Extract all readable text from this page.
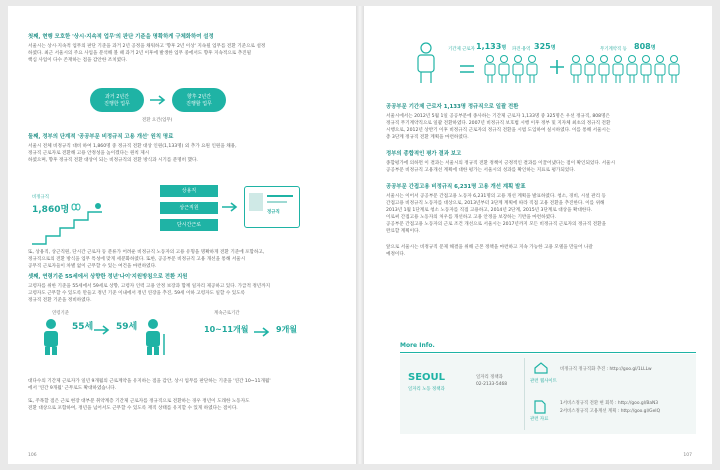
첫째, 현행 모호한 '상시·지속적 업무'의 판단 기준을 명확하게 구체화하여 설정
서울시는 상시·지속적 업무의 판단 기준을 과거 2년 공정을 채워하고 '향후 2년 이상' 지속될 업무를 전환 기준으로 설정
하였다. 최근 서울시의 주요 사업을 분석해 볼 때 과거 2년 이후에 발생한 업무 중에서도 향후 지속적으로 추진될
핵심 사업이 다수 존재하는 점을 감안한 조치였다.
과거 2년간
진행한 업무
향후 2년간
진행할 업무
전환 요건(업무)
둘째, 정부의 단계적 '공공부문 비정규직 고용 개선' 원칙 명료
서울시 전체 비정규직 대비 하여 1,860명 중 정규직 전환 대상 인원(1,133명) 외 추가 요원 인원을 채용,
정규직 근로자로 전환해 고용 안정성을 높이겠다는 원칙 제시
하였으며, 향후 정규직 전환 대상이 되는 비정규직의 전환 방식과 시기를 분명히 했다.
비정규직
1,860명
상용직
상근직원
단시간근로
정규직
또, 상용직, 상근직원, 단시간 근로자 등 분류가 어려운 비정규직 노동자의 고용 유형을 명확하게 전환 기준에 포함하고,
정규직으로의 전환 방식을 업무 특성에 맞게 세분화하였다. 또한, 공공부문 비정규직 고용 개선을 통해 서울시
공무직 근로자들이 차별 없이 근무할 수 있는 여건을 마련하였다.
셋째, 연령기준 55세에서 상향한 정년'나이'지원방침으로 전환 지원
고령자를 위한 기준을 55세에서 59세로 상향, 고령자 인력 고용 안정 보장과 함께 일자리 제공하고 있다. 가급적 정년까지
고령자도 근무할 수 있도록 만들고 정년 기준 이내에서 정년 연장을 추진, 59세 이하 고령자도 일할 수 있도록
정규직 전환 기준을 정비하였다.
연령기준
55세	59세
계속근로기간
10~11개월	9개월
대다수의 기간제 근로자가 일년 9개월의 근로계약을 유지하는 점을 감안, 상시 업무를 판단하는 기준을 '연간 10~11개월'
에서 '연간 9개월' 근무로도 확대하였습니다.
또, 주목할 점은 근로 현장 대부분 취약계층 기간제 근로자를 정규직으로 전환하는 경우 정년이 도래한 노동자도
전환 대상으로 포함하여, 정년을 넘어서도 근무할 수 있도록 재직 상태를 유지할 수 있게 하였다는 점이다.
106
기간제 근로자 1,133명 파견·용역 325명	무기계약직 등 808명
공공부문 기간제 근로자 1,133명 정규직으로 일괄 전환
서울시에서는 2012년 5월 1일 공공부문에 종사하는 기간제 근로자 1,133명 중 325명은 우선 정규직, 808명은
정규직 무기계약직으로 일괄 전환하였다. 2007년 비정규직 보호법 시행 이후 정부 및 지자체 최초의 정규직 전환
시행으로, 2012년 상반기 이후 비정규직 근로자의 정규직 전환을 시범 도입하여 실시하였다. 이를 통해 서울시는
총 3단계 정규직 전환 계획을 마련하였다.
정부의 종합적인 평가 결과 보고
종합평가에 의하면 이 결과는 서울시의 정규직 전환 정책이 긍정적인 결과를 이끌어냈다는 점이 확인되었다. 서울시
공공부문 비정규직 고용개선 계획에 대한 평가는 서울시의 성과를 확인하는 지표로 평가되었다.
공공부문 간접고용 비정규직 6,231명 고용 개선 계획 발표
서울시는 이어서 공공부문 간접고용 노동자 6,231명의 고용 개선 계획을 발표하였다. 청소, 경비, 시설 관리 등
간접고용 비정규직 노동자를 대상으로, 2013년부터 3단계 계획에 따라 직접 고용 전환을 추진한다. 이를 위해
2013년 1월 1단계로 청소 노동자를 직접 고용하고, 2014년 2단계, 2015년 3단계로 대상을 확대한다.
이로써 간접고용 노동자의 처우를 개선하고 고용 안정을 보장하는 기반을 마련하였다.
공공부문 간접고용 노동자의 근로 조건 개선으로 서울시는 2017년까지 모든 비정규직 근로자의 정규직 전환을
완료할 계획이다.
앞으로 서울시는 비정규직 문제 해결을 위해 근본 정책을 마련하고 지속 가능한 고용 모델을 만들어 나갈
예정이다.
More Info.
SEOUL
일자리 노동 정책과
일자리 정책과
02-2133-5468
관련 웹사이트
비정규직 정규직화 추진 : http://goo.gl/1LLLw
관련 자료
1서비스정규직 전환 현 회복 : http://goo.gl/BaN3
2서비스정규직 고용계선 계획 : http://goo.gl/GeIQ
107
